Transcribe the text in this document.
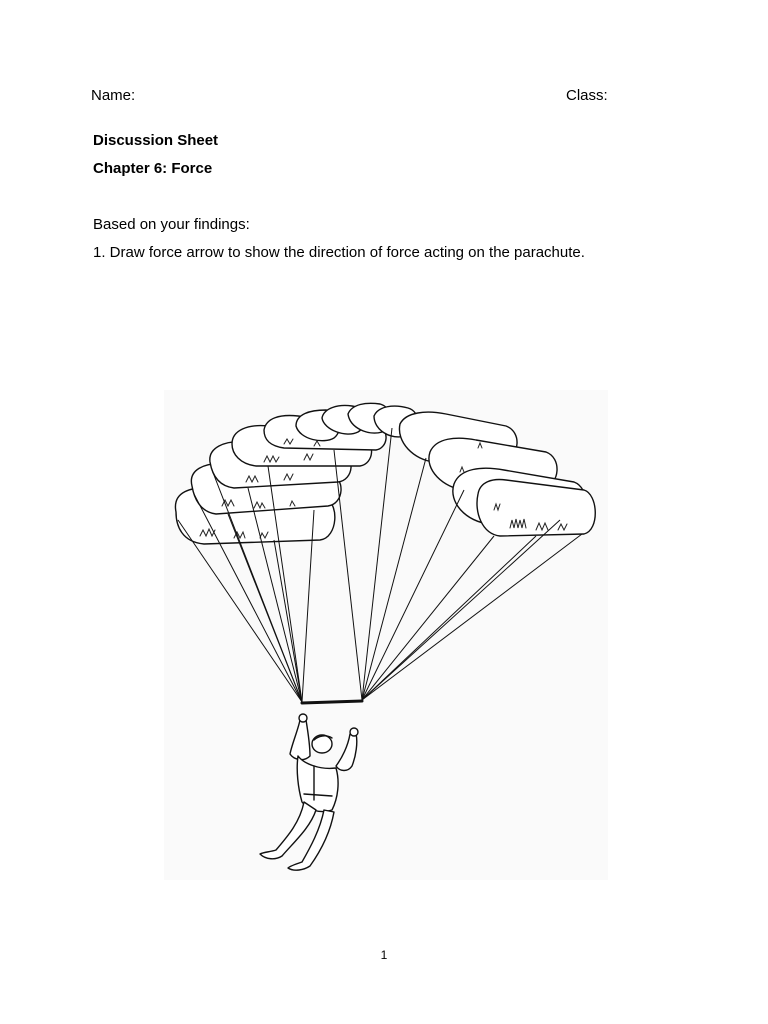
Name:	Class:
Discussion Sheet
Chapter 6: Force
Based on your findings:
1. Draw force arrow to show the direction of force acting on the parachute.
1
